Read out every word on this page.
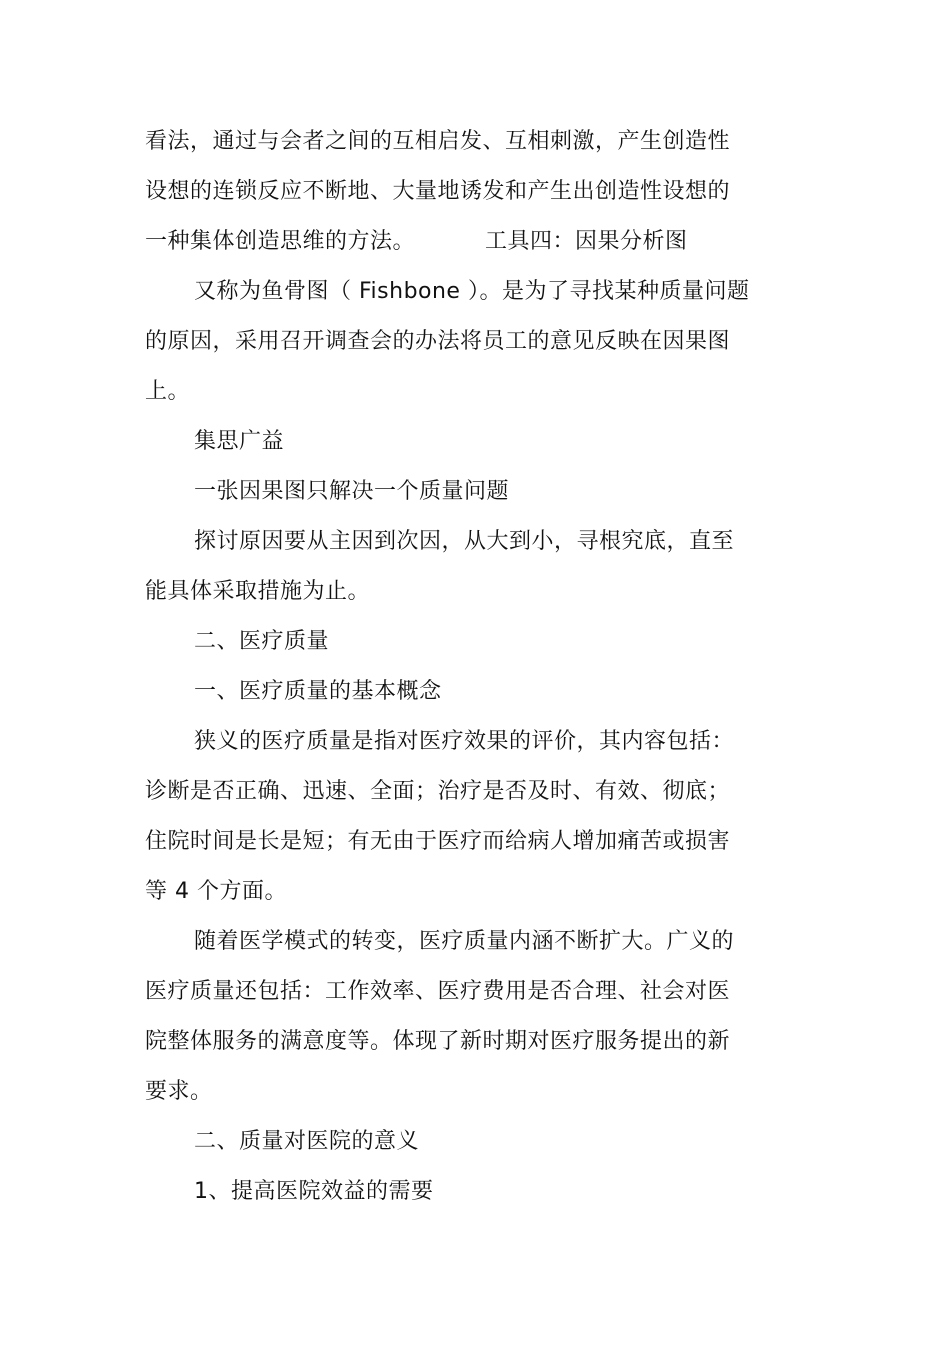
看法，通过与会者之间的互相启发、互相刺激，产生创造性
设想的连锁反应不断地、大量地诱发和产生出创造性设想的
一种集体创造思维的方法。	工具四：因果分析图
又称为鱼骨图（ Fishbone ）。是为了寻找某种质量问题
的原因，采用召开调查会的办法将员工的意见反映在因果图
上。
集思广益
一张因果图只解决一个质量问题
探讨原因要从主因到次因，从大到小，寻根究底，直至
能具体采取措施为止。
二、医疗质量
一、医疗质量的基本概念
狭义的医疗质量是指对医疗效果的评价，其内容包括：
诊断是否正确、迅速、全面；治疗是否及时、有效、彻底；
住院时间是长是短；有无由于医疗而给病人增加痛苦或损害
等 4 个方面。
随着医学模式的转变，医疗质量内涵不断扩大。广义的
医疗质量还包括：工作效率、医疗费用是否合理、社会对医
院整体服务的满意度等。体现了新时期对医疗服务提出的新
要求。
二、质量对医院的意义
1、提高医院效益的需要
